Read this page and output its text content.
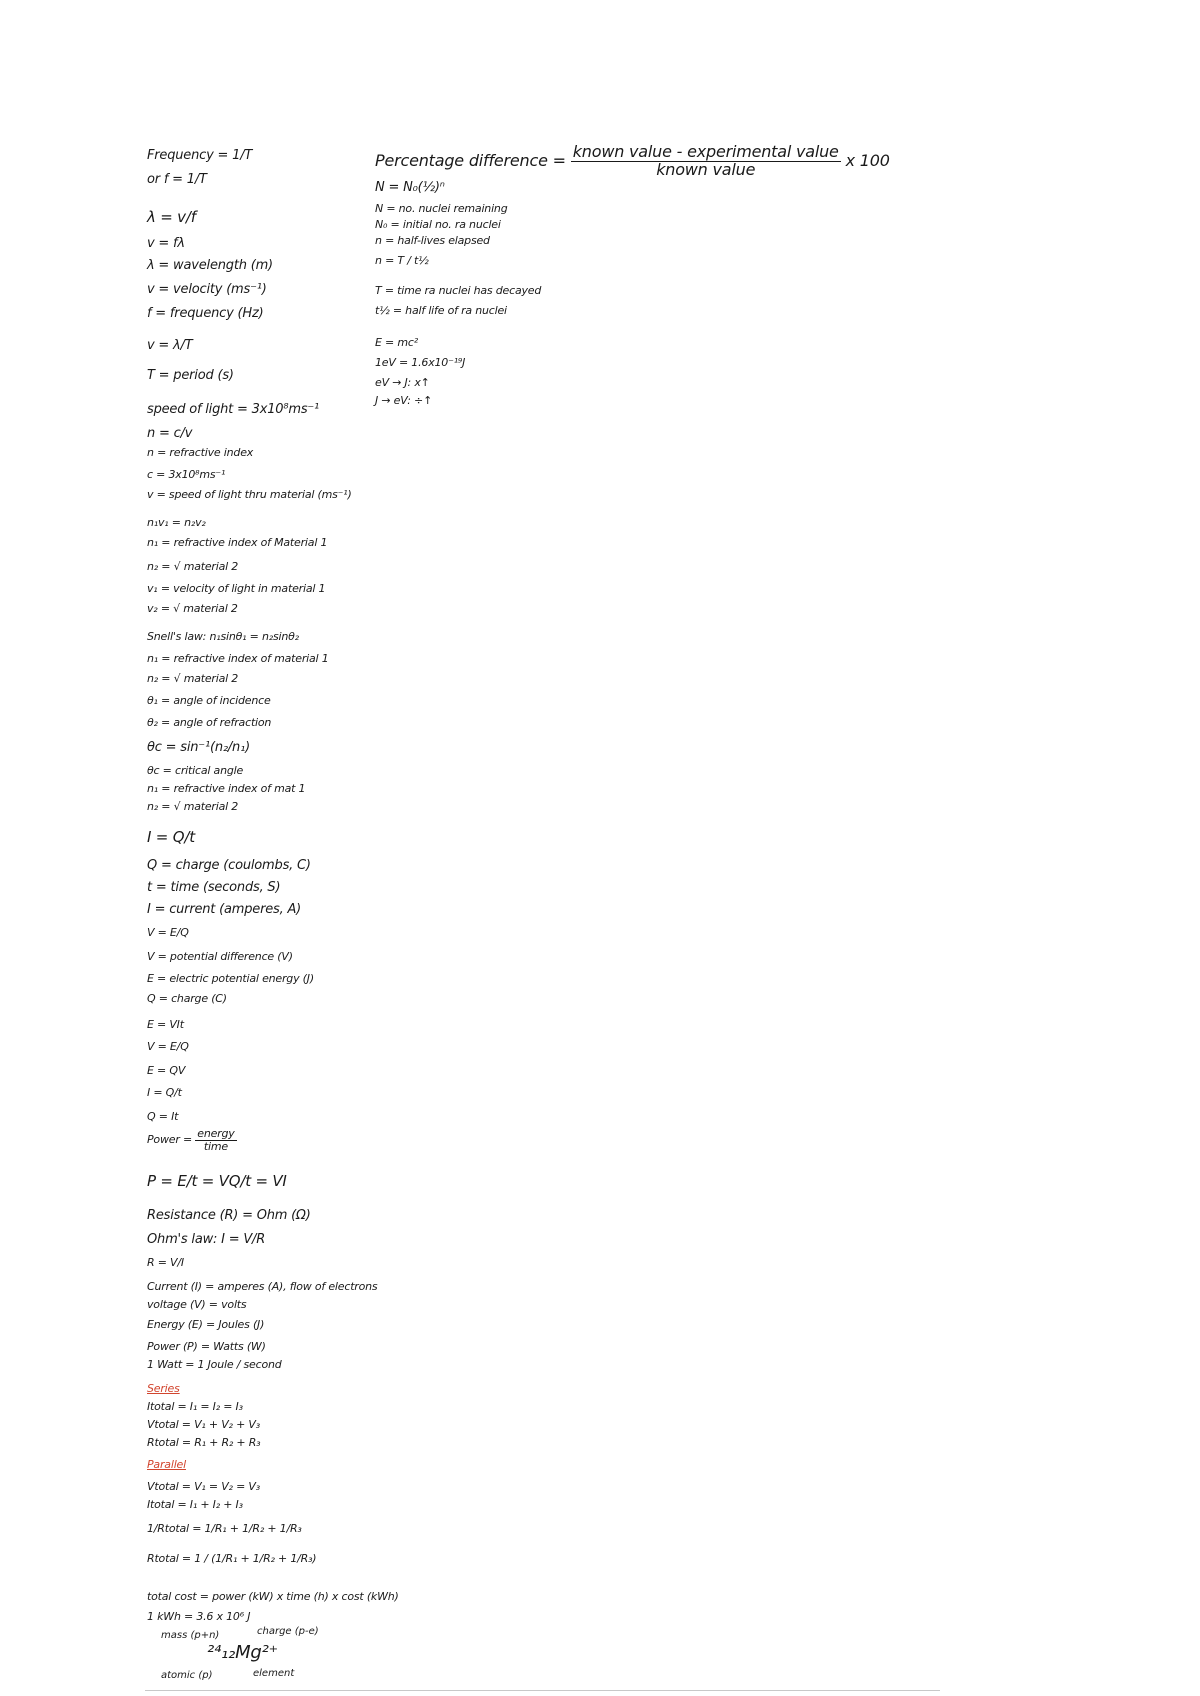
Frequency = 1/T
or f = 1/T
λ = v/f
v = fλ
λ = wavelength (m)
v = velocity (ms⁻¹)
f = frequency (Hz)
v = λ/T
T = period (s)
speed of light = 3x10⁸ms⁻¹
n = c/v
n = refractive index
c = 3x10⁸ms⁻¹
v = speed of light thru material (ms⁻¹)
n₁v₁ = n₂v₂
n₁ = refractive index of Material 1
n₂ = √ material 2
v₁ = velocity of light in material 1
v₂ = √ material 2
Snell's law: n₁sinθ₁ = n₂sinθ₂
n₁ = refractive index of material 1
n₂ = √ material 2
θ₁ = angle of incidence
θ₂ = angle of refraction
θc = sin⁻¹(n₂/n₁)
θc = critical angle
n₁ = refractive index of mat 1
n₂ = √ material 2
I = Q/t
Q = charge (coulombs, C)
t = time (seconds, S)
I = current (amperes, A)
V = E/Q
V = potential difference (V)
E = electric potential energy (J)
Q = charge (C)
E = VIt
V = E/Q
E = QV
I = Q/t
Q = It
Power = $\frac{\text{energy}}{\text{time}}$
P = E/t = VQ/t = VI
Resistance (R) = Ohm (Ω)
Ohm's law: I = V/R
R = V/I
Current (I) = amperes (A), flow of electrons
voltage (V) = volts
Energy (E) = Joules (J)
Power (P) = Watts (W)
1 Watt = 1 Joule / second
Series
Itotal = I₁ = I₂ = I₃
Vtotal = V₁ + V₂ + V₃
Rtotal = R₁ + R₂ + R₃
Parallel
Vtotal = V₁ = V₂ = V₃
Itotal = I₁ + I₂ + I₃
1/Rtotal = 1/R₁ + 1/R₂ + 1/R₃
Rtotal = 1 / (1/R₁ + 1/R₂ + 1/R₃)
total cost = power (kW) x time (h) x cost (kWh)
1 kWh = 3.6 x 10⁶ J
mass (p+n)	charge (p-e)
²⁴₁₂Mg²⁺
atomic (p)	element
Percentage difference = $\frac{\text{known value - experimental value}}{\text{known value}}$ x 100
N = N₀(½)ⁿ
N = no. nuclei remaining
N₀ = initial no. ra nuclei
n = half-lives elapsed
n = T / t½
T = time ra nuclei has decayed
t½ = half life of ra nuclei
E = mc²
1eV = 1.6x10⁻¹⁹J
eV → J: x↑
J → eV: ÷↑
